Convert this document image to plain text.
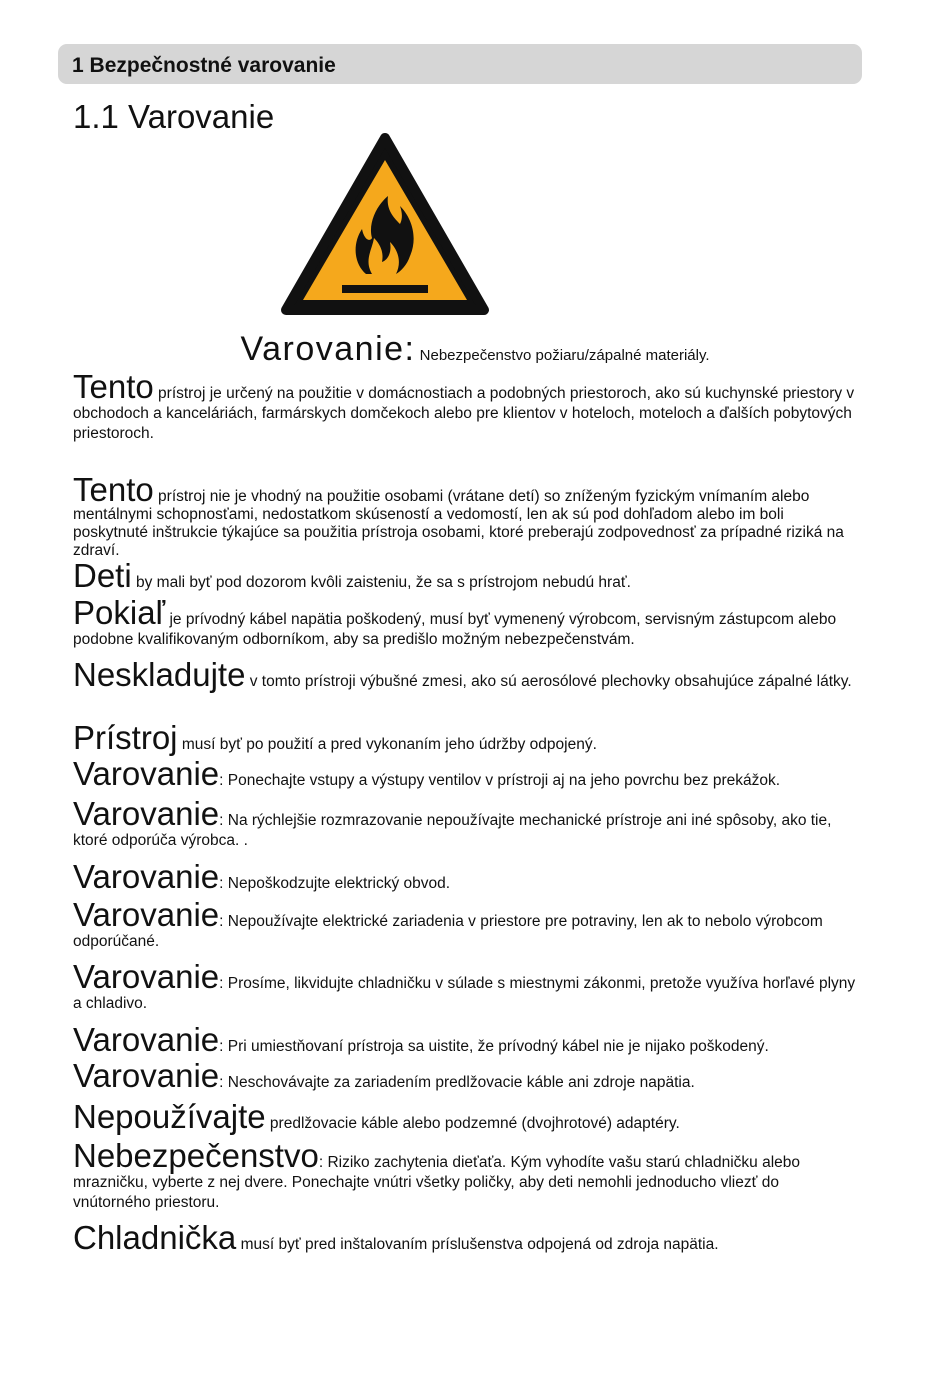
1 Bezpečnostné varovanie
1.1 Varovanie
Varovanie: Nebezpečenstvo požiaru/zápalné materiály.
Tento prístroj je určený na použitie v domácnostiach a podobných priestoroch, ako sú kuchynské priestory v obchodoch a kanceláriách, farmárskych domčekoch alebo pre klientov v hoteloch, moteloch a ďalších pobytových priestoroch.
Tento prístroj nie je vhodný na použitie osobami (vrátane detí) so zníženým fyzickým vnímaním alebo mentálnymi schopnosťami, nedostatkom skúseností a vedomostí, len ak sú pod dohľadom alebo im boli poskytnuté inštrukcie týkajúce sa použitia prístroja osobami, ktoré preberajú zodpovednosť za prípadné riziká na zdraví.
Deti by mali byť pod dozorom kvôli zaisteniu, že sa s prístrojom nebudú hrať.
Pokiaľ je prívodný kábel napätia poškodený, musí byť vymenený výrobcom, servisným zástupcom alebo podobne kvalifikovaným odborníkom, aby sa predišlo možným nebezpečenstvám.
Neskladujte v tomto prístroji výbušné zmesi, ako sú aerosólové plechovky obsahujúce zápalné látky.
Prístroj musí byť po použití a pred vykonaním jeho údržby odpojený.
Varovanie: Ponechajte vstupy a výstupy ventilov v prístroji aj na jeho povrchu bez prekážok.
Varovanie: Na rýchlejšie rozmrazovanie nepoužívajte mechanické prístroje ani iné spôsoby, ako tie, ktoré odporúča výrobca. .
Varovanie: Nepoškodzujte elektrický obvod.
Varovanie: Nepoužívajte elektrické zariadenia v priestore pre potraviny, len ak to nebolo výrobcom odporúčané.
Varovanie: Prosíme, likvidujte chladničku v súlade s miestnymi zákonmi, pretože využíva horľavé plyny a chladivo.
Varovanie: Pri umiestňovaní prístroja sa uistite, že prívodný kábel nie je nijako poškodený.
Varovanie: Neschovávajte za zariadením predlžovacie káble ani zdroje napätia.
Nepoužívajte predlžovacie káble alebo podzemné (dvojhrotové) adaptéry.
Nebezpečenstvo: Riziko zachytenia dieťaťa. Kým vyhodíte vašu starú chladničku alebo mrazničku, vyberte z nej dvere. Ponechajte vnútri všetky poličky, aby deti nemohli jednoducho vliezť do vnútorného priestoru.
Chladnička musí byť pred inštalovaním príslušenstva odpojená od zdroja napätia.
